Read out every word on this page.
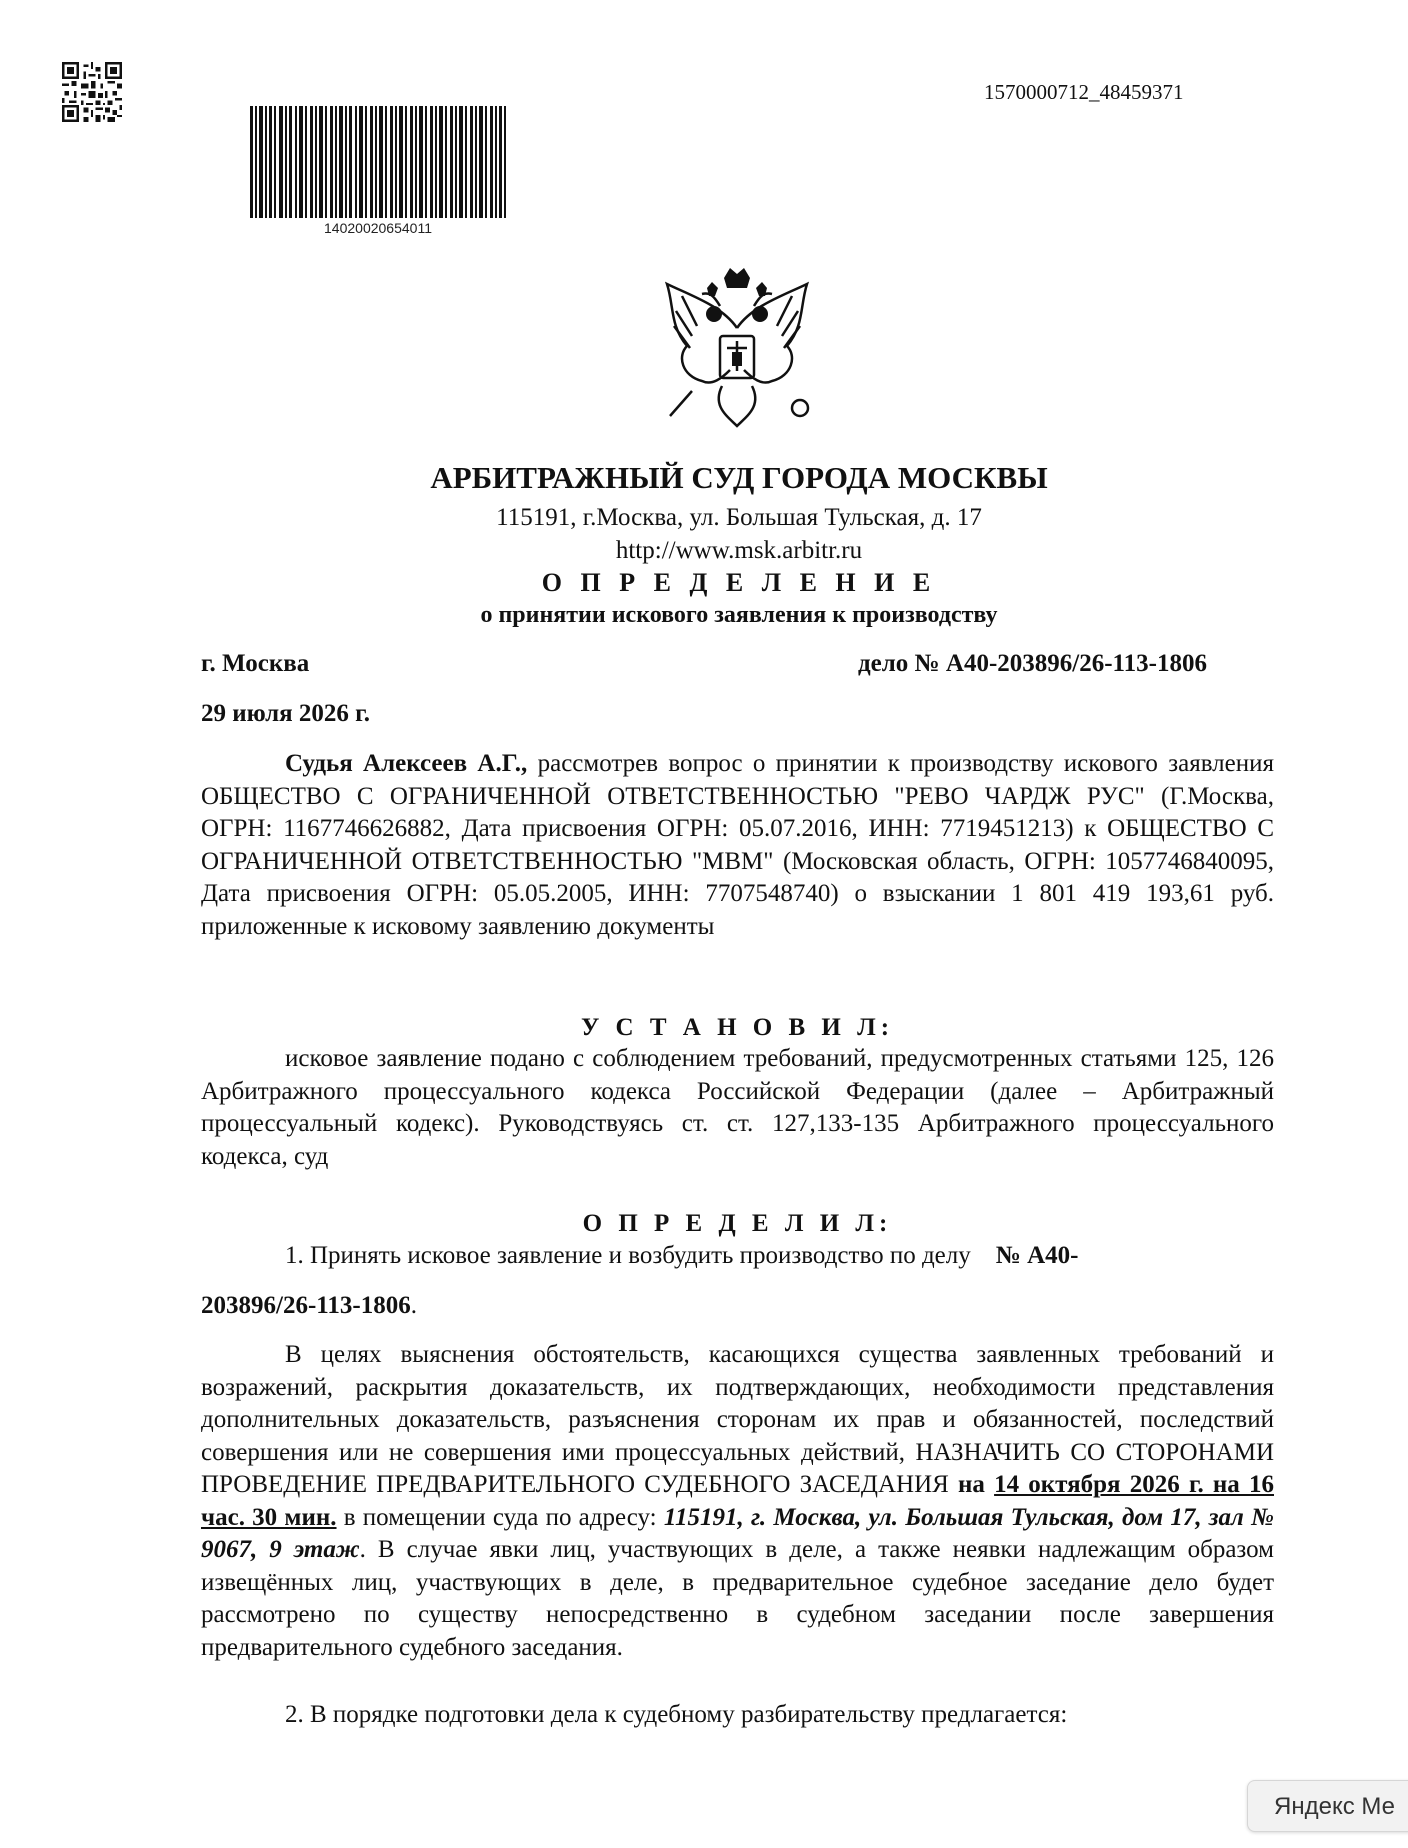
1570000712_48459371
14020020654011
АРБИТРАЖНЫЙ СУД ГОРОДА МОСКВЫ
115191, г.Москва, ул. Большая Тульская, д. 17
http://www.msk.arbitr.ru
О П Р Е Д Е Л Е Н И Е
о принятии искового заявления к производству
г. Москва	дело № А40-203896/26-113-1806
29 июля 2026 г.

Судья Алексеев А.Г., рассмотрев вопрос о принятии к производству искового заявления ОБЩЕСТВО С ОГРАНИЧЕННОЙ ОТВЕТСТВЕННОСТЬЮ "РЕВО ЧАРДЖ РУС" (Г.Москва, ОГРН: 1167746626882, Дата присвоения ОГРН: 05.07.2016, ИНН: 7719451213) к ОБЩЕСТВО С ОГРАНИЧЕННОЙ ОТВЕТСТВЕННОСТЬЮ "МВМ" (Московская область, ОГРН: 1057746840095, Дата присвоения ОГРН: 05.05.2005, ИНН: 7707548740) о взыскании 1 801 419 193,61 руб. приложенные к исковому заявлению документы

У С Т А Н О В И Л:

исковое заявление подано с соблюдением требований, предусмотренных статьями 125, 126 Арбитражного процессуального кодекса Российской Федерации (далее – Арбитражный процессуальный кодекс). Руководствуясь ст. ст. 127,133-135 Арбитражного процессуального кодекса, суд

О П Р Е Д Е Л И Л:

1. Принять исковое заявление и возбудить производство по делу № А40-

203896/26-113-1806.

В целях выяснения обстоятельств, касающихся существа заявленных требований и возражений, раскрытия доказательств, их подтверждающих, необходимости представления дополнительных доказательств, разъяснения сторонам их прав и обязанностей, последствий совершения или не совершения ими процессуальных действий, НАЗНАЧИТЬ СО СТОРОНАМИ ПРОВЕДЕНИЕ ПРЕДВАРИТЕЛЬНОГО СУДЕБНОГО ЗАСЕДАНИЯ на 14 октября 2026 г. на 16 час. 30 мин. в помещении суда по адресу: 115191, г. Москва, ул. Большая Тульская, дом 17, зал № 9067, 9 этаж. В случае явки лиц, участвующих в деле, а также неявки надлежащим образом извещённых лиц, участвующих в деле, в предварительное судебное заседание дело будет рассмотрено по существу непосредственно в судебном заседании после завершения предварительного судебного заседания.

2. В порядке подготовки дела к судебному разбирательству предлагается:

Яндекс Ме
